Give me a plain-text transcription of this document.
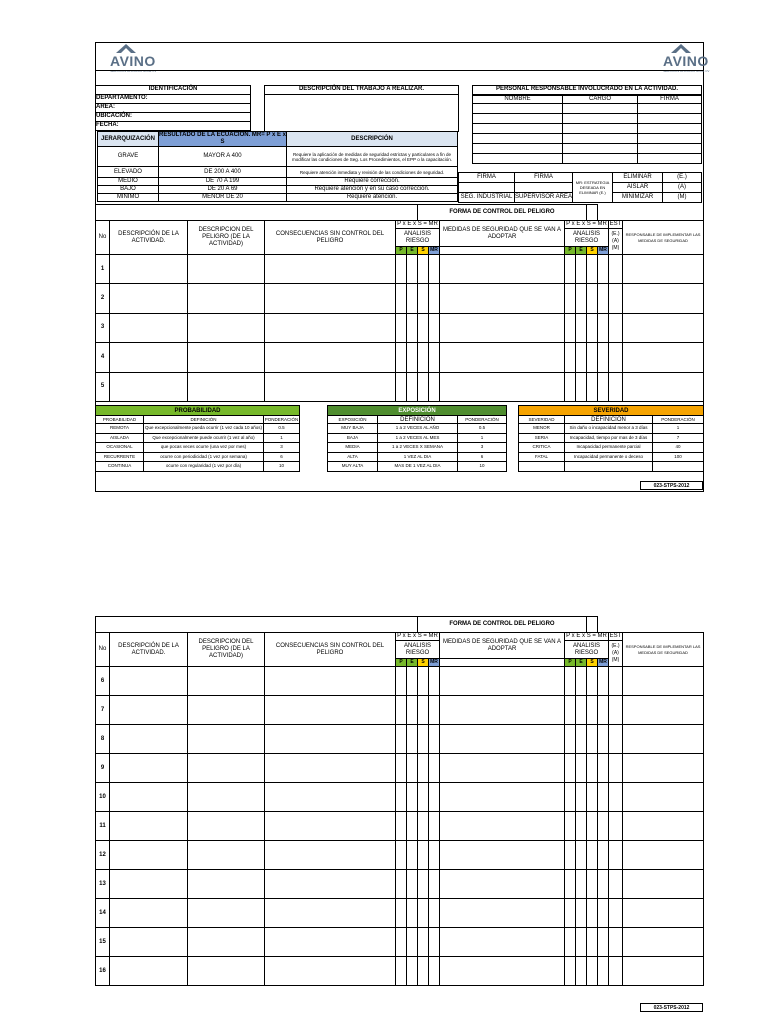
AVINO
SERVICIOS AVICOLAS SA DE CV
AVINO
SERVICIOS AVICOLAS SA DE CV
IDENTIFICACIÓN
DEPARTAMENTO:
AREA:
UBICACIÓN:
FECHA:
DESCRIPCIÓN DEL TRABAJO A REALIZAR.	PERSONAL RESPONSABLE INVOLUCRADO EN LA ACTIVIDAD.
NOMBRE	CARGO	FIRMA

JERARQUIZACIÓN	RESULTADO DE LA ECUACIÓN. MR= P x E x S	DESCRIPCIÓN
GRAVE	MAYOR A 400	Requiere la aplicación de medidas de seguridad estrictas y particulares a fin de modificar las condiciones de Seg. Los Procedimientos, el EPP o la capacitación.
ELEVADO	DE 200 A 400	Requiere atención inmediata y revisión de las condiciones de seguridad.
MEDIO	DE 70 A 199	Requiere corrección.
BAJO	DE 20 A 69	Requiere atención y en su caso corrección.
MINIMO	MENOR DE 20	Requiere atención.
FIRMA	FIRMA	MR: ESTRATEGIA DESEADA EN ELIMINAR (E.)	ELIMINAR	(E.)
			AISLAR	(A)
SEG. INDUSTRIAL	SUPERVISOR AREA		MINIMIZAR	(M)
						FORMA DE CONTROL DEL PELIGRO								
No	DESCRIPCIÓN DE LA ACTIVIDAD.	DESCRIPCION DEL PELIGRO (DE LA ACTIVIDAD)	CONSECUENCIAS SIN CONTROL DEL PELIGRO	P x E x S = MR				MEDIDAS DE SEGURIDAD QUE SE VAN A ADOPTAR	P x E x S = MR				EST	RESPONSABLE DE IMPLEMENTAR LAS MEDIDAS DE SEGURIDAD
				ANALISIS RIESGO					ANALISIS RIESGO				(E.) (A) (M)	
				P	E	S	MR		P	E	S	MR		
1														
2														
3														
4														
5														
PROBABILIDAD		
PROBABILIDAD	DEFINICIÓN	PONDERACIÓN
REMOTA	Que excepcionalmente pueda ocurrir (1 vez cada 10 años)	0.5
AISLADA	Que excepcionalmente puede ocurrir (1 vez al año)	1
OCASIONAL	que pocas veces ocurre (una vez por mes)	3
RECURRENTE	ocurre con periodicidad (1 vez por semana)	6
CONTINUA	ocurre con regularidad (1 vez por día)	10
EXPOSICIÓN		
EXPOSICIÓN	DEFINICIÓN	PONDERACIÓN
MUY BAJA	1 a 2 VECES AL AÑO	0.5
BAJA	1 a 2 VECES AL MES	1
MEDIA	1 a 2 VECES X SEMANA	3
ALTA	1 VEZ AL DIA	6
MUY ALTA	MAS DE 1 VEZ AL DIA	10
SEVERIDAD		
SEVERIDAD	DEFINICIÓN	PONDERACIÓN
MENOR	Sin daño o incapacidad menor a 3 días	1
SERIA	Incapacidad, tiempo por mas de 3 días	7
CRITICA	Incapacidad permanente parcial	40
FATAL	Incapacidad permanente o deceso	100

023-STPS-2012
						FORMA DE CONTROL DEL PELIGRO								
No	DESCRIPCIÓN DE LA ACTIVIDAD.	DESCRIPCION DEL PELIGRO (DE LA ACTIVIDAD)	CONSECUENCIAS SIN CONTROL DEL PELIGRO	P x E x S = MR				MEDIDAS DE SEGURIDAD QUE SE VAN A ADOPTAR	P x E x S = MR				EST	RESPONSABLE DE IMPLEMENTAR LAS MEDIDAS DE SEGURIDAD
				ANALISIS RIESGO					ANALISIS RIESGO				(E.) (A) (M)	
				P	E	S	MR		P	E	S	MR		
6														
7														
8														
9														
10														
11														
12														
13														
14														
15														
16														
023-STPS-2012
